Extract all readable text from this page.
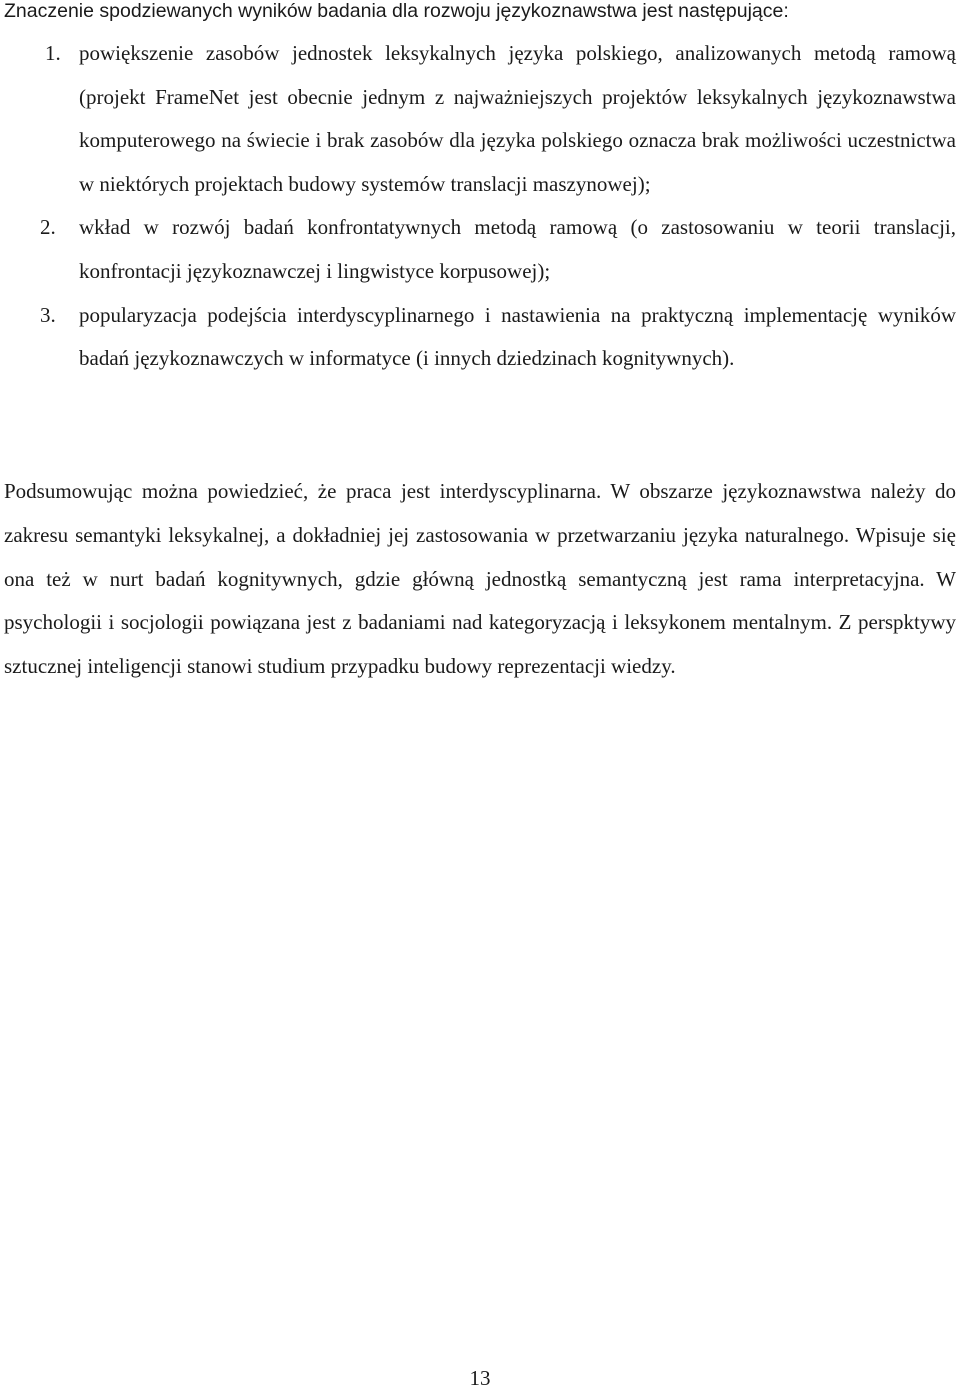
Znaczenie spodziewanych wyników badania dla rozwoju językoznawstwa jest następujące:
1. powiększenie zasobów jednostek leksykalnych języka polskiego, analizowanych metodą ramową (projekt FrameNet jest obecnie jednym z najważniejszych projektów leksykalnych językoznawstwa komputerowego na świecie i brak zasobów dla języka polskiego oznacza brak możliwości uczestnictwa w niektórych projektach budowy systemów translacji maszynowej);
2. wkład w rozwój badań konfrontatywnych metodą ramową (o zastosowaniu w teorii translacji, konfrontacji językoznawczej i lingwistyce korpusowej);
3. popularyzacja podejścia interdyscyplinarnego i nastawienia na praktyczną implementację wyników badań językoznawczych w informatyce (i innych dziedzinach kognitywnych).

Podsumowując można powiedzieć, że praca jest interdyscyplinarna. W obszarze językoznawstwa należy do zakresu semantyki leksykalnej, a dokładniej jej zastosowania w przetwarzaniu języka naturalnego. Wpisuje się ona też w nurt badań kognitywnych, gdzie główną jednostką semantyczną jest rama interpretacyjna. W psychologii i socjologii powiązana jest z badaniami nad kategoryzacją i leksykonem mentalnym. Z perspktywy sztucznej inteligencji stanowi studium przypadku budowy reprezentacji wiedzy.

13
